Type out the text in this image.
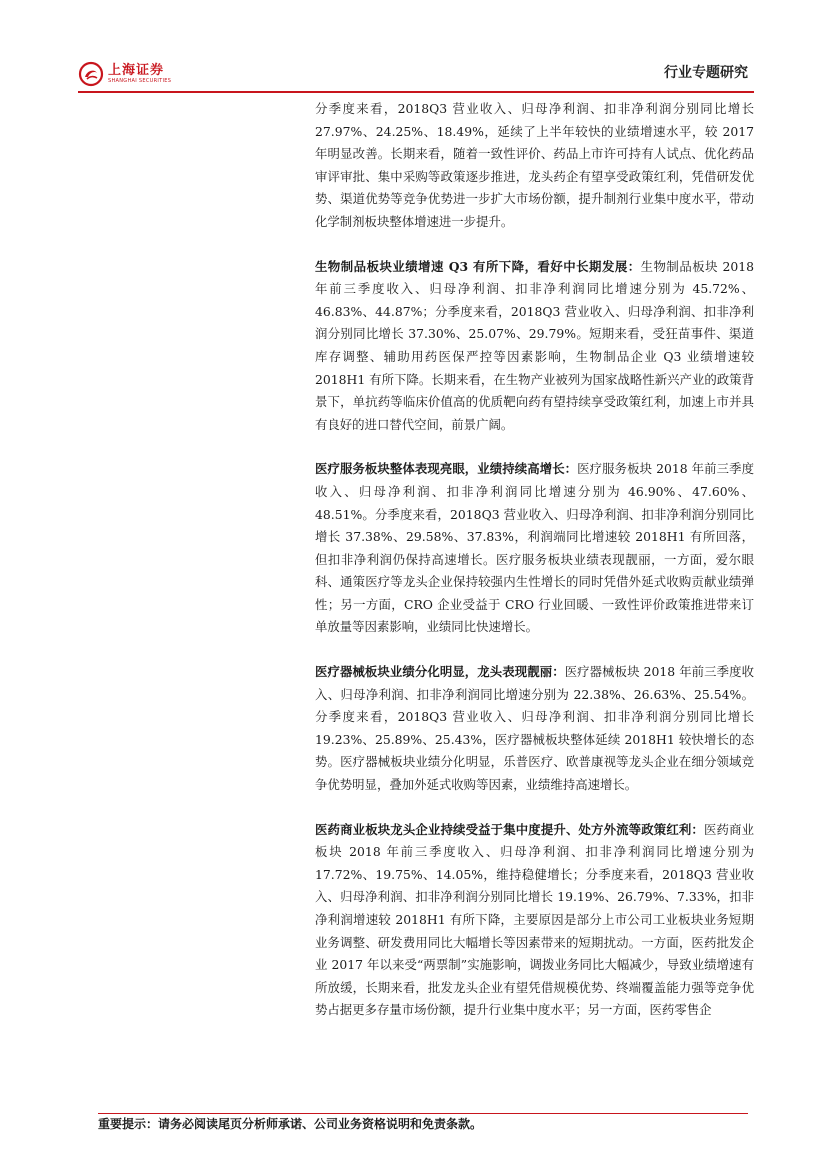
上海证券
SHANGHAI SECURITIES	行业专题研究

分季度来看，2018Q3 营业收入、归母净利润、扣非净利润分别同比增长 27.97%、24.25%、18.49%，延续了上半年较快的业绩增速水平，较 2017 年明显改善。长期来看，随着一致性评价、药品上市许可持有人试点、优化药品审评审批、集中采购等政策逐步推进，龙头药企有望享受政策红利，凭借研发优势、渠道优势等竞争优势进一步扩大市场份额，提升制剂行业集中度水平，带动化学制剂板块整体增速进一步提升。

生物制品板块业绩增速 Q3 有所下降，看好中长期发展：生物制品板块 2018 年前三季度收入、归母净利润、扣非净利润同比增速分别为 45.72%、46.83%、44.87%；分季度来看，2018Q3 营业收入、归母净利润、扣非净利润分别同比增长 37.30%、25.07%、29.79%。短期来看，受狂苗事件、渠道库存调整、辅助用药医保严控等因素影响，生物制品企业 Q3 业绩增速较 2018H1 有所下降。长期来看，在生物产业被列为国家战略性新兴产业的政策背景下，单抗药等临床价值高的优质靶向药有望持续享受政策红利，加速上市并具有良好的进口替代空间，前景广阔。

医疗服务板块整体表现亮眼，业绩持续高增长：医疗服务板块 2018 年前三季度收入、归母净利润、扣非净利润同比增速分别为 46.90%、47.60%、48.51%。分季度来看，2018Q3 营业收入、归母净利润、扣非净利润分别同比增长 37.38%、29.58%、37.83%，利润端同比增速较 2018H1 有所回落，但扣非净利润仍保持高速增长。医疗服务板块业绩表现靓丽，一方面，爱尔眼科、通策医疗等龙头企业保持较强内生性增长的同时凭借外延式收购贡献业绩弹性；另一方面，CRO 企业受益于 CRO 行业回暖、一致性评价政策推进带来订单放量等因素影响，业绩同比快速增长。

医疗器械板块业绩分化明显，龙头表现靓丽：医疗器械板块 2018 年前三季度收入、归母净利润、扣非净利润同比增速分别为 22.38%、26.63%、25.54%。分季度来看，2018Q3 营业收入、归母净利润、扣非净利润分别同比增长 19.23%、25.89%、25.43%，医疗器械板块整体延续 2018H1 较快增长的态势。医疗器械板块业绩分化明显，乐普医疗、欧普康视等龙头企业在细分领域竞争优势明显，叠加外延式收购等因素，业绩维持高速增长。

医药商业板块龙头企业持续受益于集中度提升、处方外流等政策红利：医药商业板块 2018 年前三季度收入、归母净利润、扣非净利润同比增速分别为 17.72%、19.75%、14.05%，维持稳健增长；分季度来看，2018Q3 营业收入、归母净利润、扣非净利润分别同比增长 19.19%、26.79%、7.33%，扣非净利润增速较 2018H1 有所下降，主要原因是部分上市公司工业板块业务短期业务调整、研发费用同比大幅增长等因素带来的短期扰动。一方面，医药批发企业 2017 年以来受“两票制”实施影响，调拨业务同比大幅减少，导致业绩增速有所放缓，长期来看，批发龙头企业有望凭借规模优势、终端覆盖能力强等竞争优势占据更多存量市场份额，提升行业集中度水平；另一方面，医药零售企

重要提示：请务必阅读尾页分析师承诺、公司业务资格说明和免责条款。
